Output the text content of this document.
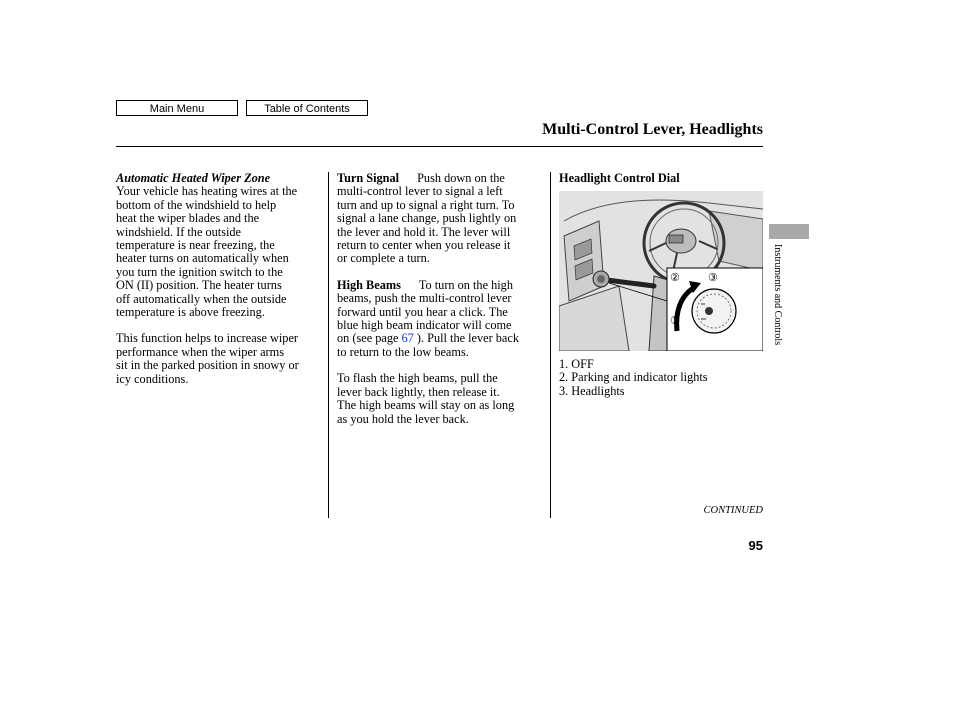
Main Menu	Table of Contents
Multi-Control Lever, Headlights

Automatic Heated Wiper Zone

Your vehicle has heating wires at the
bottom of the windshield to help
heat the wiper blades and the
windshield. If the outside
temperature is near freezing, the
heater turns on automatically when
you turn the ignition switch to the
ON (II) position. The heater turns
off automatically when the outside
temperature is above freezing.

This function helps to increase wiper
performance when the wiper arms
sit in the parked position in snowy or
icy conditions.

Turn Signal Push down on the
multi-control lever to signal a left
turn and up to signal a right turn. To
signal a lane change, push lightly on
the lever and hold it. The lever will
return to center when you release it
or complete a turn.

High Beams To turn on the high
beams, push the multi-control lever
forward until you hear a click. The
blue high beam indicator will come
on (see page 67 ). Pull the lever back
to return to the low beams.

To flash the high beams, pull the
lever back lightly, then release it.
The high beams will stay on as long
as you hold the lever back.

Headlight Control Dial

②	③
①

1. OFF

2. Parking and indicator lights

3. Headlights

Instruments and Controls
CONTINUED
95
